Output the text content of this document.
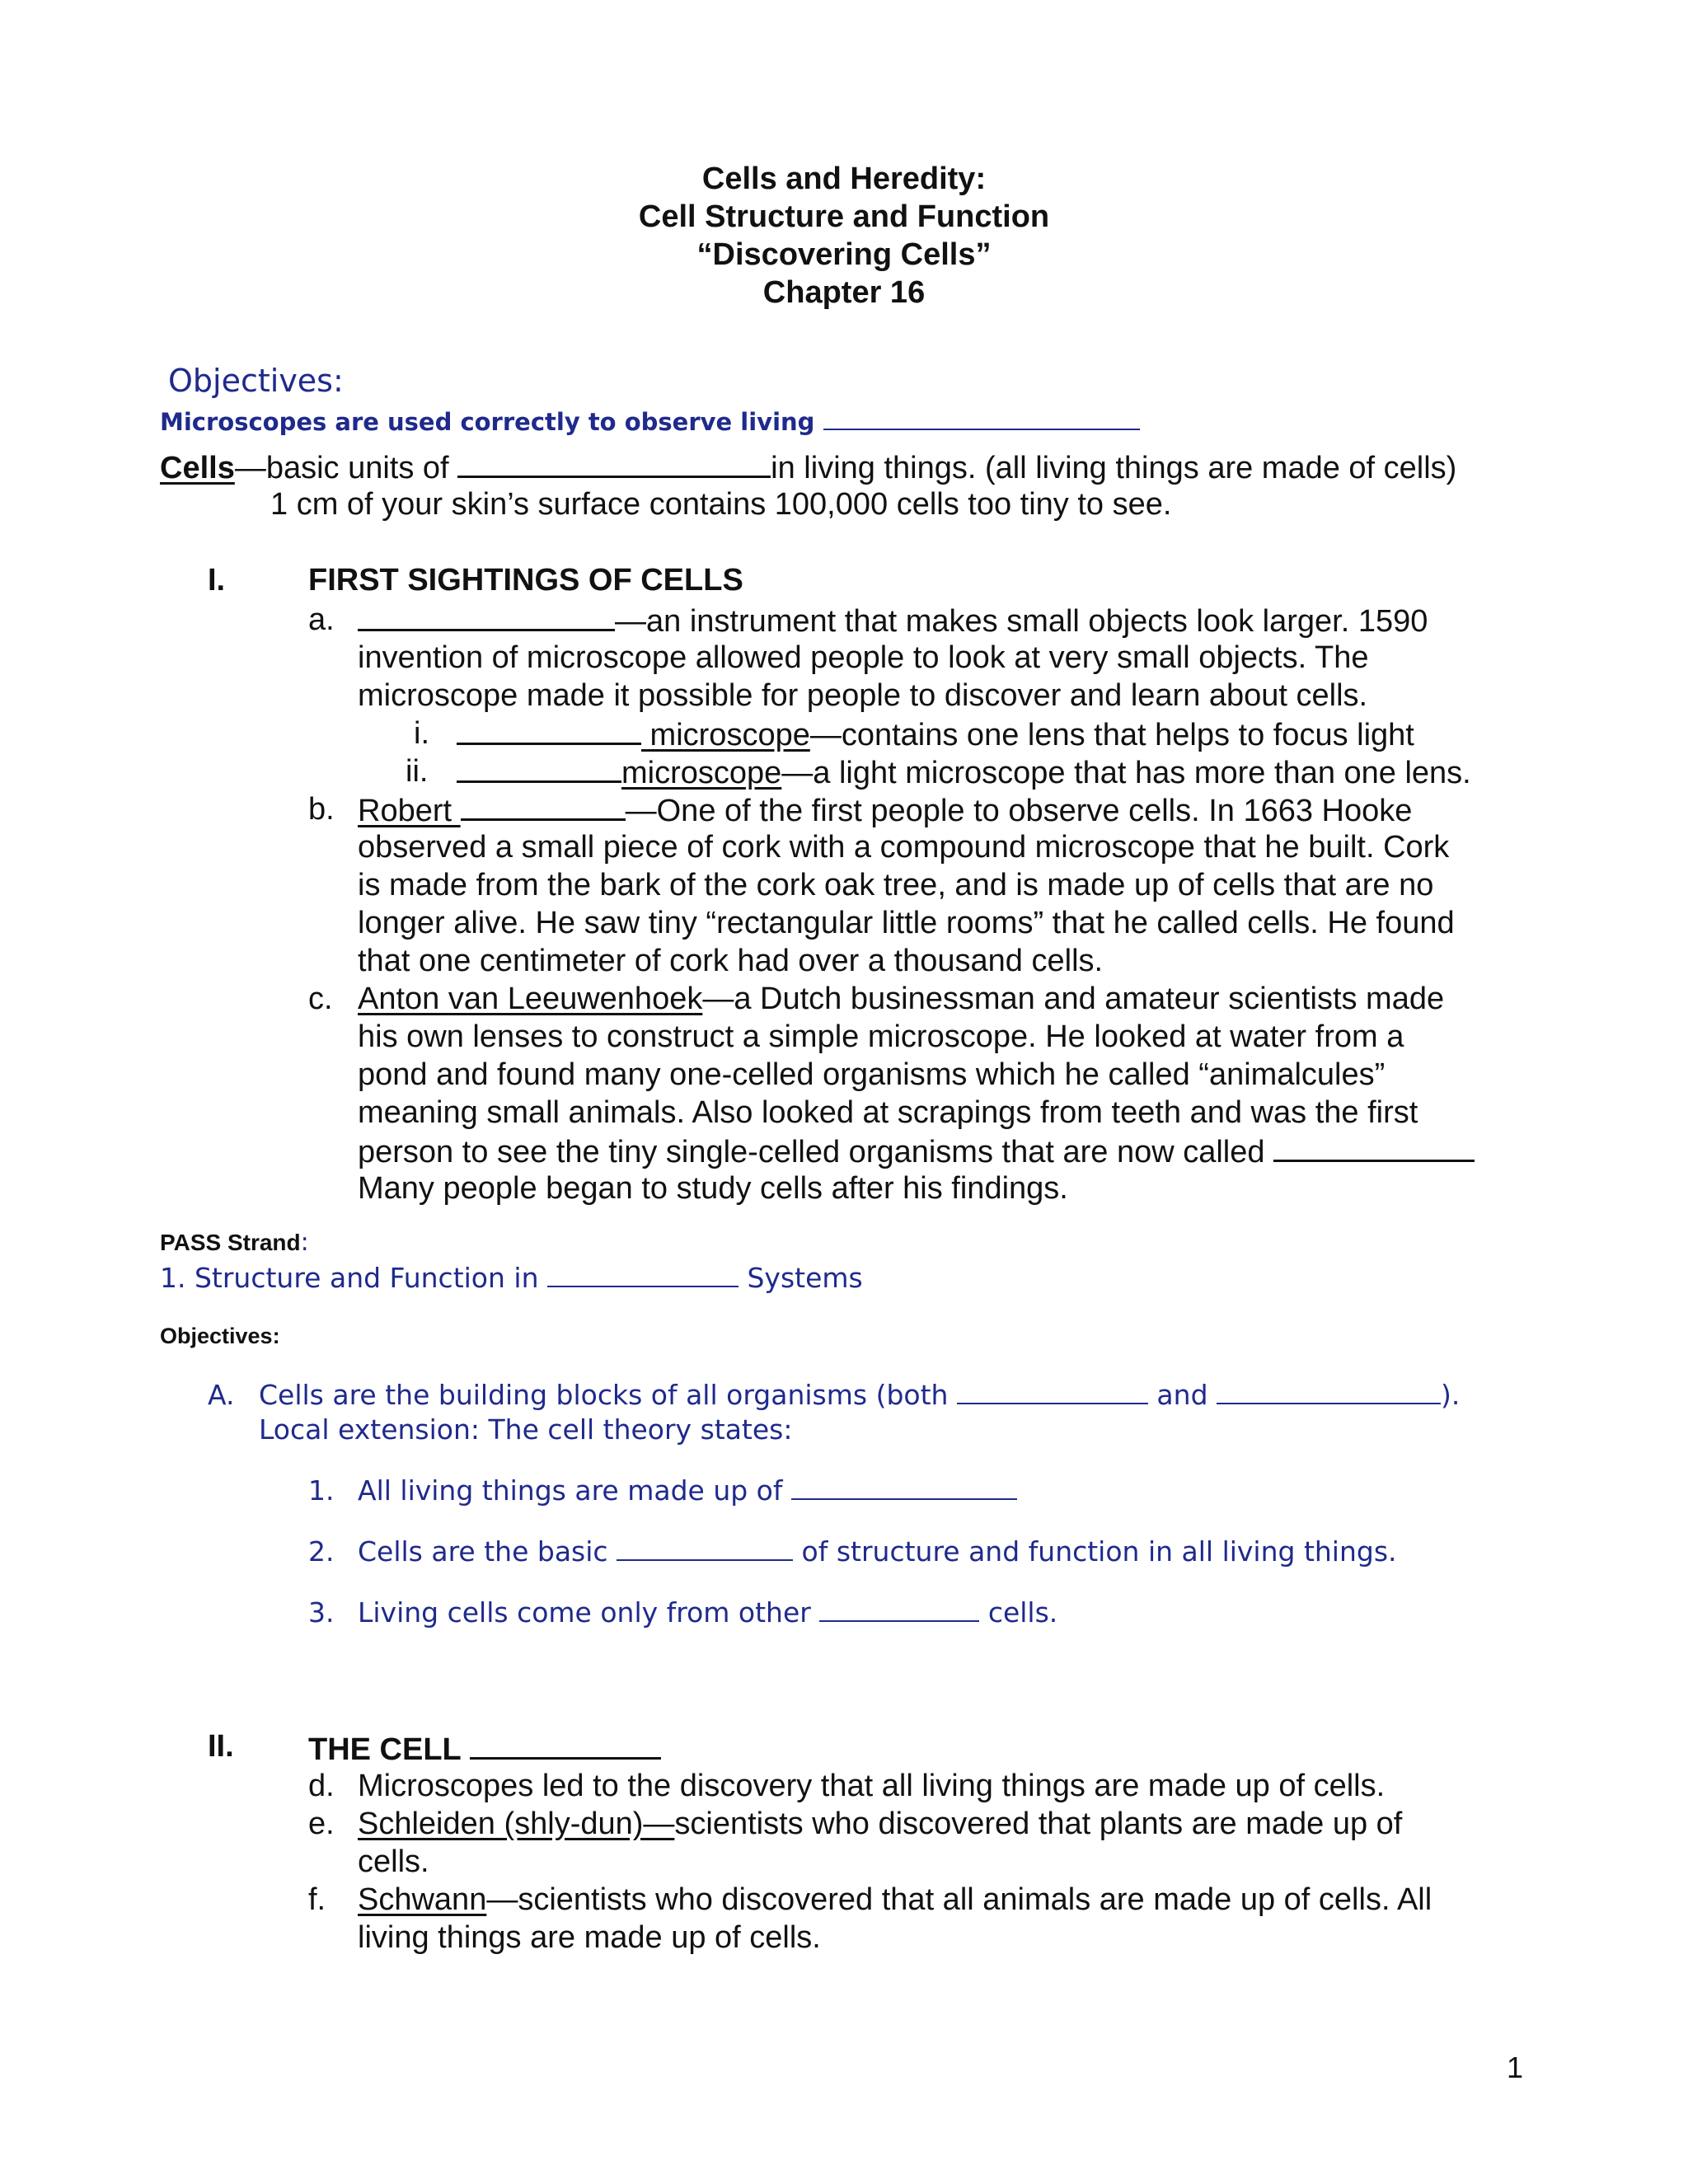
Cells and Heredity:
Cell Structure and Function
“Discovering Cells”
Chapter 16
Objectives:
Microscopes are used correctly to observe living
Cells—basic units of	in living things. (all living things are made of cells)
1 cm of your skin’s surface contains 100,000 cells too tiny to see.
I.	FIRST SIGHTINGS OF CELLS
a.	—an instrument that makes small objects look larger. 1590
invention of microscope allowed people to look at very small objects. The
microscope made it possible for people to discover and learn about cells.
i.	microscope—contains one lens that helps to focus light
ii.	microscope—a light microscope that has more than one lens.
b. Robert	—One of the first people to observe cells. In 1663 Hooke
observed a small piece of cork with a compound microscope that he built. Cork
is made from the bark of the cork oak tree, and is made up of cells that are no
longer alive. He saw tiny “rectangular little rooms” that he called cells. He found
that one centimeter of cork had over a thousand cells.
c. Anton van Leeuwenhoek—a Dutch businessman and amateur scientists made
his own lenses to construct a simple microscope. He looked at water from a
pond and found many one-celled organisms which he called “animalcules”
meaning small animals. Also looked at scrapings from teeth and was the first
person to see the tiny single-celled organisms that are now called
Many people began to study cells after his findings.
PASS Strand:
1. Structure and Function in	Systems
Objectives:
A. Cells are the building blocks of all organisms (both	and	).
Local extension: The cell theory states:
1. All living things are made up of
2. Cells are the basic	of structure and function in all living things.
3. Living cells come only from other	cells.
II. THE CELL
d. Microscopes led to the discovery that all living things are made up of cells.
e. Schleiden (shly-dun)—scientists who discovered that plants are made up of
cells.
f. Schwann—scientists who discovered that all animals are made up of cells. All
living things are made up of cells.
1
